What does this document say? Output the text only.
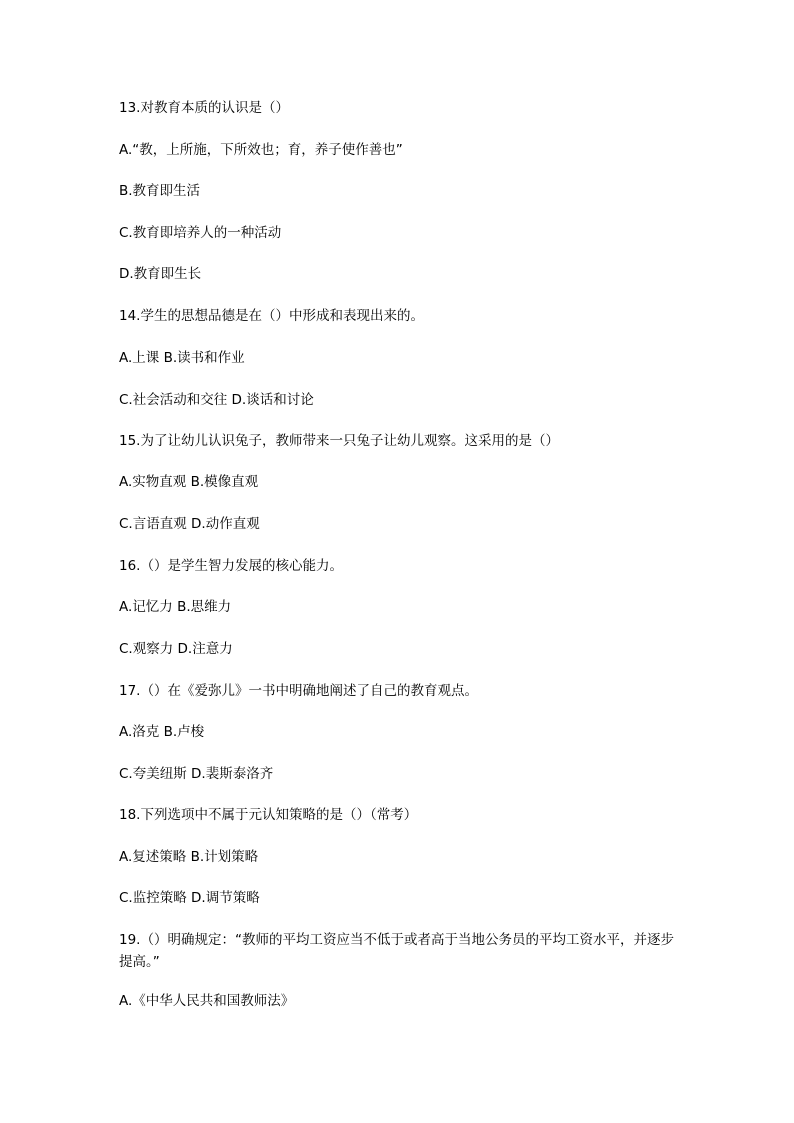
13.对教育本质的认识是（）
A.“教，上所施，下所效也；育，养子使作善也”
B.教育即生活
C.教育即培养人的一种活动
D.教育即生长
14.学生的思想品德是在（）中形成和表现出来的。
A.上课 B.读书和作业
C.社会活动和交往 D.谈话和讨论
15.为了让幼儿认识兔子，教师带来一只兔子让幼儿观察。这采用的是（）
A.实物直观 B.模像直观
C.言语直观 D.动作直观
16.（）是学生智力发展的核心能力。
A.记忆力 B.思维力
C.观察力 D.注意力
17.（）在《爱弥儿》一书中明确地阐述了自己的教育观点。
A.洛克 B.卢梭
C.夸美纽斯 D.裴斯泰洛齐
18.下列选项中不属于元认知策略的是（）（常考）
A.复述策略 B.计划策略
C.监控策略 D.调节策略
19.（）明确规定：“教师的平均工资应当不低于或者高于当地公务员的平均工资水平，并逐步提高。”
A.《中华人民共和国教师法》
